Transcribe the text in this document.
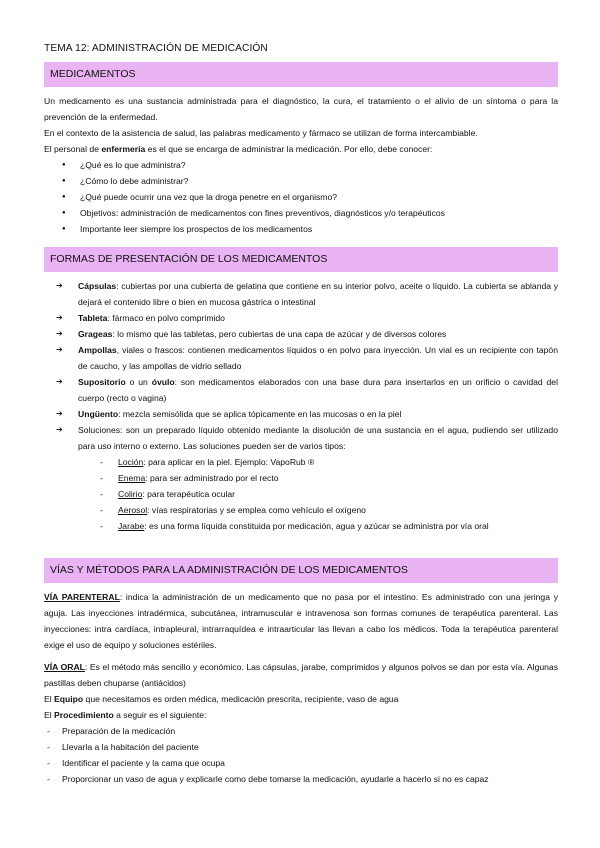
TEMA 12: ADMINISTRACIÓN DE MEDICACIÓN
MEDICAMENTOS

Un medicamento es una sustancia administrada para el diagnóstico, la cura, el tratamiento o el alivio de un síntoma o para la prevención de la enfermedad.

En el contexto de la asistencia de salud, las palabras medicamento y fármaco se utilizan de forma intercambiable.

El personal de enfermería es el que se encarga de administrar la medicación. Por ello, debe conocer:

● ¿Qué es lo que administra?
● ¿Cómo lo debe administrar?
● ¿Qué puede ocurrir una vez que la droga penetre en el organismo?
● Objetivos: administración de medicamentos con fines preventivos, diagnósticos y/o terapéuticos
● Importante leer siempre los prospectos de los medicamentos
FORMAS DE PRESENTACIÓN DE LOS MEDICAMENTOS
➔ Cápsulas: cubiertas por una cubierta de gelatina que contiene en su interior polvo, aceite o líquido. La cubierta se ablanda y dejará el contenido libre o bien en mucosa gástrica o intestinal
➔ Tableta: fármaco en polvo comprimido
➔ Grageas: lo mismo que las tabletas, pero cubiertas de una capa de azúcar y de diversos colores
➔ Ampollas, viales o frascos: contienen medicamentos líquidos o en polvo para inyección. Un vial es un recipiente con tapón de caucho, y las ampollas de vidrio sellado
➔ Supositorio o un óvulo: son medicamentos elaborados con una base dura para insertarlos en un orificio o cavidad del cuerpo (recto o vagina)
➔ Ungüento: mezcla semisólida que se aplica tópicamente en las mucosas o en la piel
➔ Soluciones: son un preparado líquido obtenido mediante la disolución de una sustancia en el agua, pudiendo ser utilizado para uso interno o externo. Las soluciones pueden ser de varios tipos:
- Loción: para aplicar en la piel. Ejemplo: VapoRub ®
- Enema: para ser administrado por el recto
- Colirio: para terapéutica ocular
- Aerosol: vías respiratorias y se emplea como vehículo el oxígeno
- Jarabe: es una forma líquida constituida por medicación, agua y azúcar se administra por vía oral
VÍAS Y MÉTODOS PARA LA ADMINISTRACIÓN DE LOS MEDICAMENTOS

VÍA PARENTERAL: indica la administración de un medicamento que no pasa por el intestino. Es administrado con una jeringa y aguja. Las inyecciones intradérmica, subcutánea, intramuscular e intravenosa son formas comunes de terapéutica parenteral. Las inyecciones: intra cardíaca, intrapleural, intrarraquídea e intraarticular las llevan a cabo los médicos. Toda la terapéutica parenteral exige el uso de equipo y soluciones estériles.

VÍA ORAL: Es el método más sencillo y económico. Las cápsulas, jarabe, comprimidos y algunos polvos se dan por esta vía. Algunas pastillas deben chuparse (antiácidos)

El Equipo que necesitamos es orden médica, medicación prescrita, recipiente, vaso de agua

El Procedimiento a seguir es el siguiente:

- Preparación de la medicación
- Llevarla a la habitación del paciente
- Identificar el paciente y la cama que ocupa
- Proporcionar un vaso de agua y explicarle como debe tomarse la medicación, ayudarle a hacerlo si no es capaz
